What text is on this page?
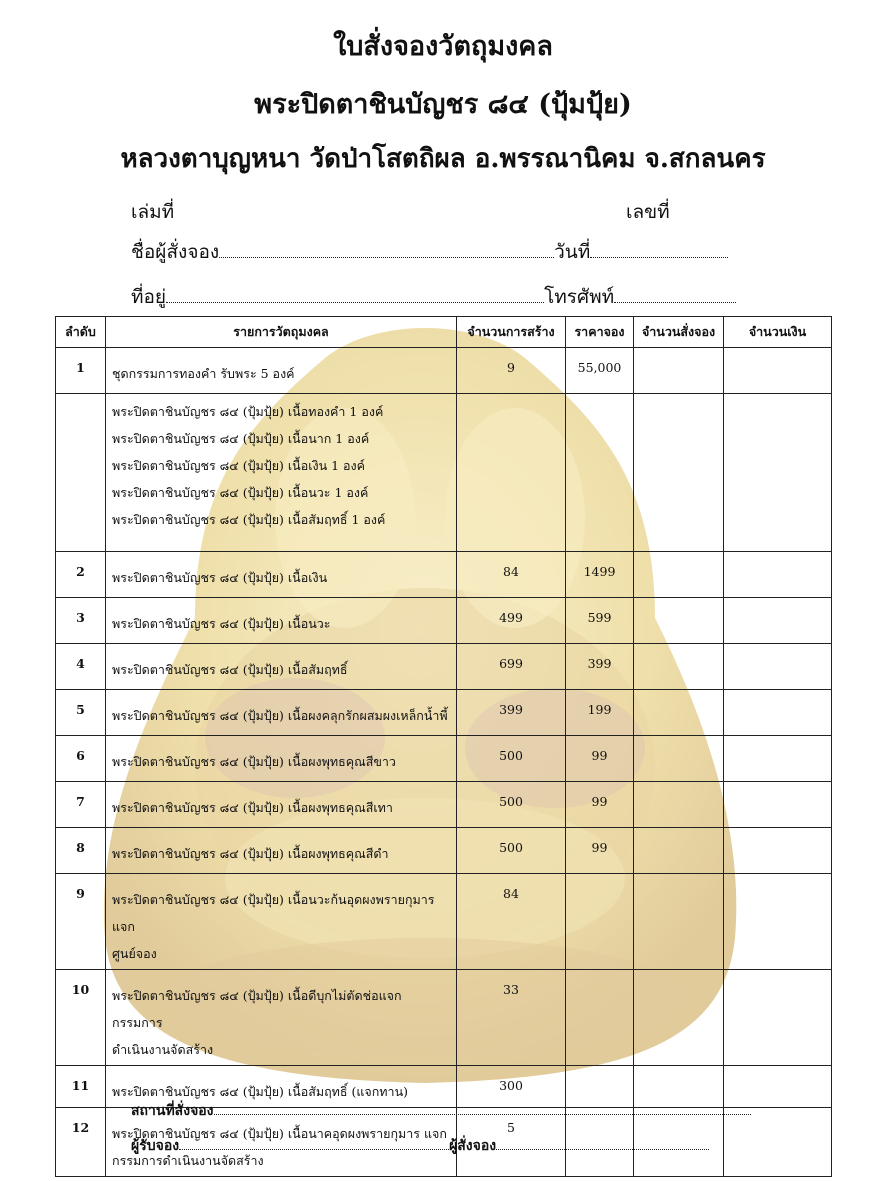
ใบสั่งจองวัตถุมงคล
พระปิดตาชินบัญชร ๘๔ (ปุ้มปุ้ย)
หลวงตาบุญหนา วัดป่าโสตถิผล อ.พรรณานิคม จ.สกลนคร
เล่มที่	เลขที่
ชื่อผู้สั่งจอง	วันที่
ที่อยู่	โทรศัพท์
ลำดับ	รายการวัตถุมงคล	จำนวนการสร้าง	ราคาจอง	จำนวนสั่งจอง	จำนวนเงิน
1	ชุดกรรมการทองคำ รับพระ 5 องค์	9	55,000		
	พระปิดตาชินบัญชร ๘๔ (ปุ้มปุ้ย) เนื้อทองคำ 1 องค์
พระปิดตาชินบัญชร ๘๔ (ปุ้มปุ้ย) เนื้อนาก 1 องค์
พระปิดตาชินบัญชร ๘๔ (ปุ้มปุ้ย) เนื้อเงิน 1 องค์
พระปิดตาชินบัญชร ๘๔ (ปุ้มปุ้ย) เนื้อนวะ 1 องค์
พระปิดตาชินบัญชร ๘๔ (ปุ้มปุ้ย) เนื้อสัมฤทธิ์ 1 องค์				
2	พระปิดตาชินบัญชร ๘๔ (ปุ้มปุ้ย) เนื้อเงิน	84	1499		
3	พระปิดตาชินบัญชร ๘๔ (ปุ้มปุ้ย) เนื้อนวะ	499	599		
4	พระปิดตาชินบัญชร ๘๔ (ปุ้มปุ้ย) เนื้อสัมฤทธิ์	699	399		
5	พระปิดตาชินบัญชร ๘๔ (ปุ้มปุ้ย) เนื้อผงคลุกรักผสมผงเหล็กน้ำพี้	399	199		
6	พระปิดตาชินบัญชร ๘๔ (ปุ้มปุ้ย) เนื้อผงพุทธคุณสีขาว	500	99		
7	พระปิดตาชินบัญชร ๘๔ (ปุ้มปุ้ย) เนื้อผงพุทธคุณสีเทา	500	99		
8	พระปิดตาชินบัญชร ๘๔ (ปุ้มปุ้ย) เนื้อผงพุทธคุณสีดำ	500	99		
9	พระปิดตาชินบัญชร ๘๔ (ปุ้มปุ้ย) เนื้อนวะก้นอุดผงพรายกุมารแจก
ศูนย์จอง	84			
10	พระปิดตาชินบัญชร ๘๔ (ปุ้มปุ้ย) เนื้อดีบุกไม่ตัดช่อแจกกรรมการ
ดำเนินงานจัดสร้าง	33			
11	พระปิดตาชินบัญชร ๘๔ (ปุ้มปุ้ย) เนื้อสัมฤทธิ์ (แจกทาน)	300			
12	พระปิดตาชินบัญชร ๘๔ (ปุ้มปุ้ย) เนื้อนาคอุดผงพรายกุมาร แจก
กรรมการดำเนินงานจัดสร้าง	5			
สถานที่สั่งจอง
ผู้รับจอง	ผู้สั่งจอง
